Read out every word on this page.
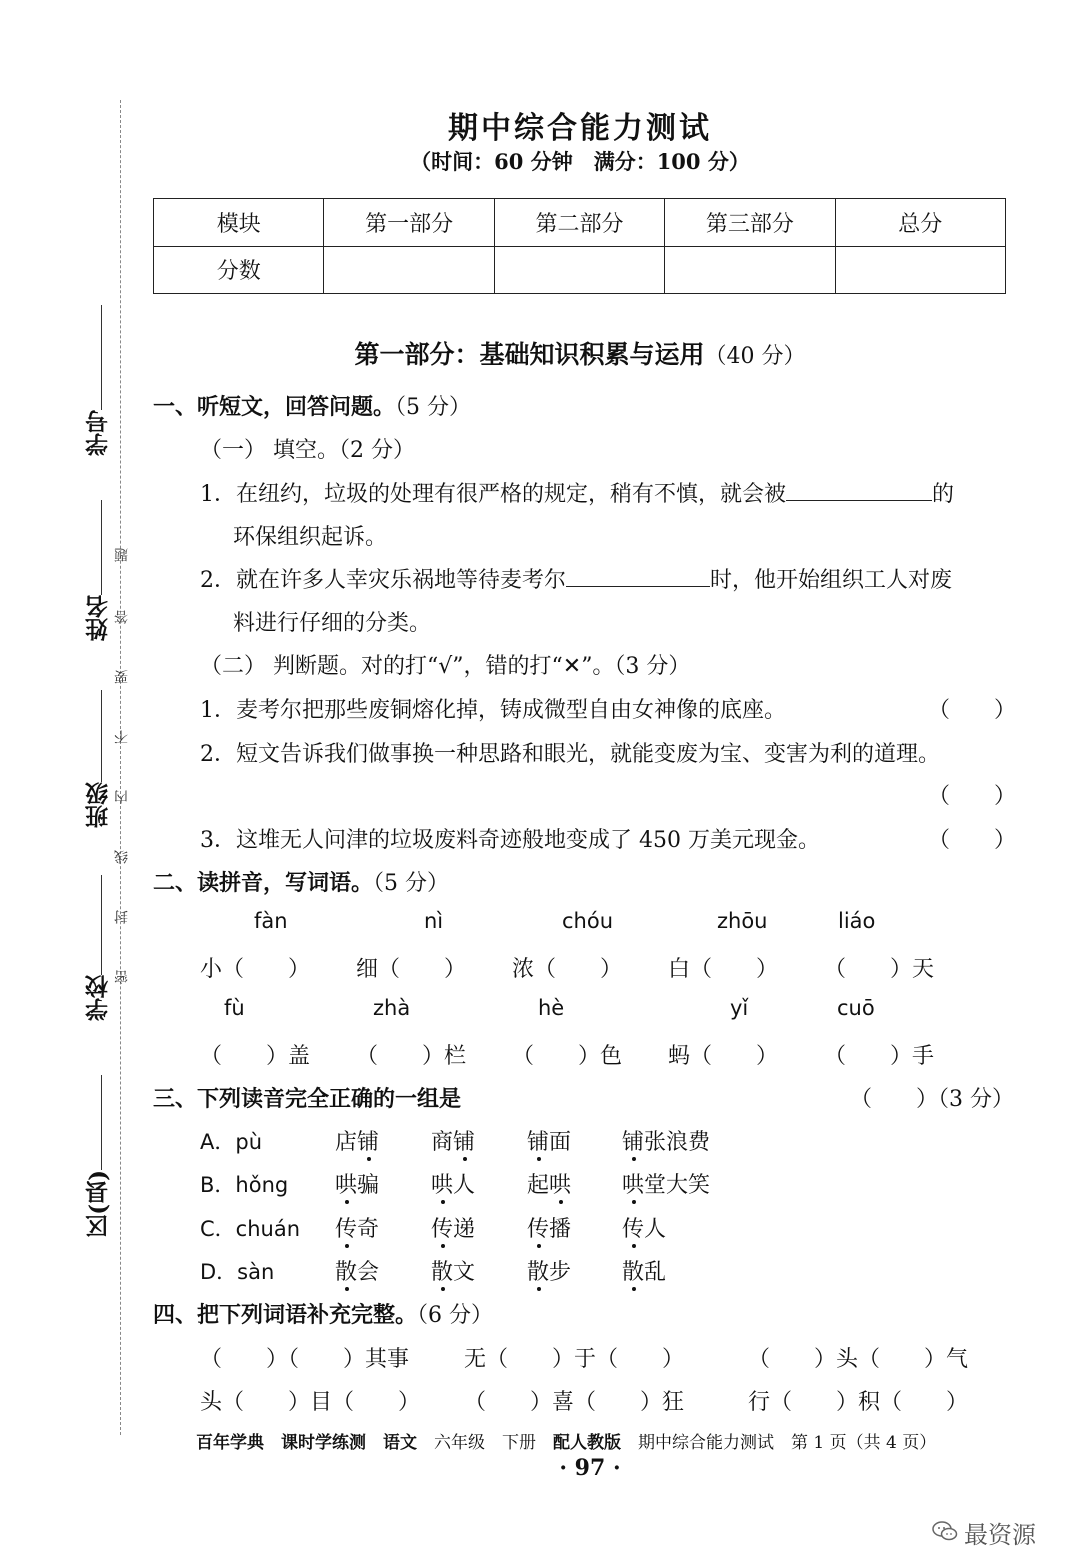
学号
姓名
班级
学校
区(县)
题
答
要
不
内
线
封
密
期中综合能力测试
（时间：60 分钟　满分：100 分）
模块	第一部分	第二部分	第三部分	总分
分数				
第一部分：基础知识积累与运用（40 分）
一、听短文，回答问题。（5 分）
（一） 填空。（2 分）
1．在纽约，垃圾的处理有很严格的规定，稍有不慎，就会被	的
环保组织起诉。
2．就在许多人幸灾乐祸地等待麦考尔	时，他开始组织工人对废
料进行仔细的分类。
（二） 判断题。对的打“√”，错的打“✕”。（3 分）
1．麦考尔把那些废铜熔化掉，铸成微型自由女神像的底座。	（　　）
2．短文告诉我们做事换一种思路和眼光，就能变废为宝、变害为利的道理。
（　　）
3．这堆无人问津的垃圾废料奇迹般地变成了 450 万美元现金。	（　　）
二、读拼音，写词语。（5 分）
fàn	nì	chóu	zhōu	liáo
小（　　） 细（　　） 浓（　　） 白（　　） （　　）天
fù	zhà	hè	yǐ	cuō
（　　）盖 （　　）栏 （　　）色 蚂（　　） （　　）手
三、下列读音完全正确的一组是	（　　）（3 分）
A．pù	店铺 商铺 铺面 铺张浪费
B．hǒng 哄骗 哄人 起哄 哄堂大笑
C．chuán 传奇 传递 传播 传人
D．sàn	散会 散文 散步 散乱
四、把下列词语补充完整。（6 分）
（　　）（　　）其事 无（　　）于（　　）	（　　）头（　　）气
头（　　）目（　　） （　　）喜（　　）狂	行（　　）积（　　）
百年学典　课时学练测　 语文　 六年级　下册　配人教版　期中综合能力测试　第 1 页（共 4 页）
· 97 ·
最资源
